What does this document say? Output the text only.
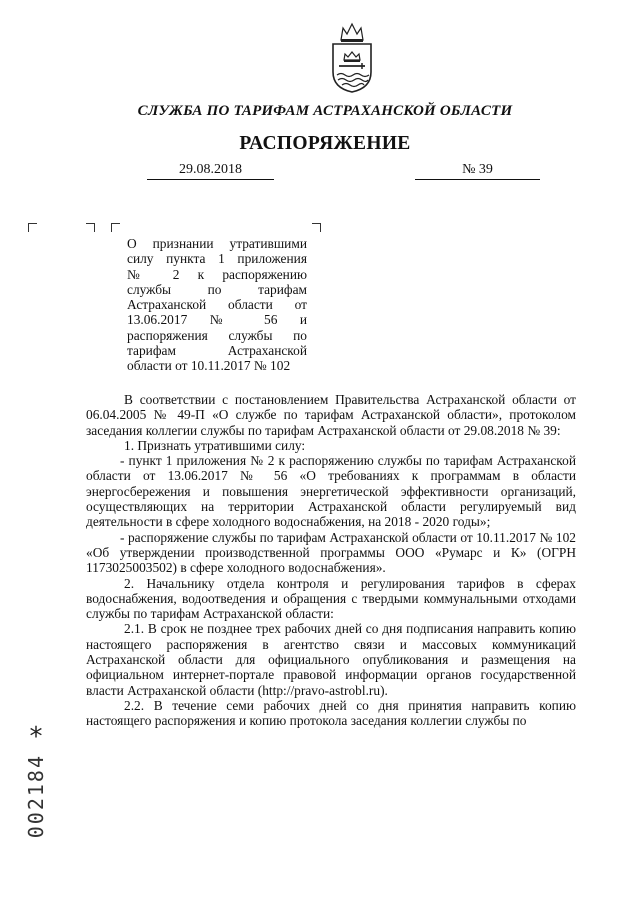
СЛУЖБА ПО ТАРИФАМ АСТРАХАНСКОЙ ОБЛАСТИ
РАСПОРЯЖЕНИЕ
29.08.2018	№ 39
О признании утратившими
силу пункта 1 приложения
№ 2 к распоряжению
службы по тарифам
Астраханской области от
13.06.2017 № 56 и
распоряжения службы по
тарифам Астраханской
области от 10.11.2017 № 102

В соответствии с постановлением Правительства Астраханской области от 06.04.2005 № 49-П «О службе по тарифам Астраханской области», протоколом заседания коллегии службы по тарифам Астраханской области от 29.08.2018 № 39:

1. Признать утратившими силу:

- пункт 1 приложения № 2 к распоряжению службы по тарифам Астраханской области от 13.06.2017 № 56 «О требованиях к программам в области энергосбережения и повышения энергетической эффективности организаций, осуществляющих на территории Астраханской области регулируемый вид деятельности в сфере холодного водоснабжения, на 2018 - 2020 годы»;

- распоряжение службы по тарифам Астраханской области от 10.11.2017 № 102 «Об утверждении производственной программы ООО «Румарс и К» (ОГРН 1173025003502) в сфере холодного водоснабжения».

2. Начальнику отдела контроля и регулирования тарифов в сферах водоснабжения, водоотведения и обращения с твердыми коммунальными отходами службы по тарифам Астраханской области:

2.1. В срок не позднее трех рабочих дней со дня подписания направить копию настоящего распоряжения в агентство связи и массовых коммуникаций Астраханской области для официального опубликования и размещения на официальном интернет-портале правовой информации органов государственной власти Астраханской области (http://pravo-astrobl.ru).

2.2. В течение семи рабочих дней со дня принятия направить копию настоящего распоряжения и копию протокола заседания коллегии службы по

*
002184
